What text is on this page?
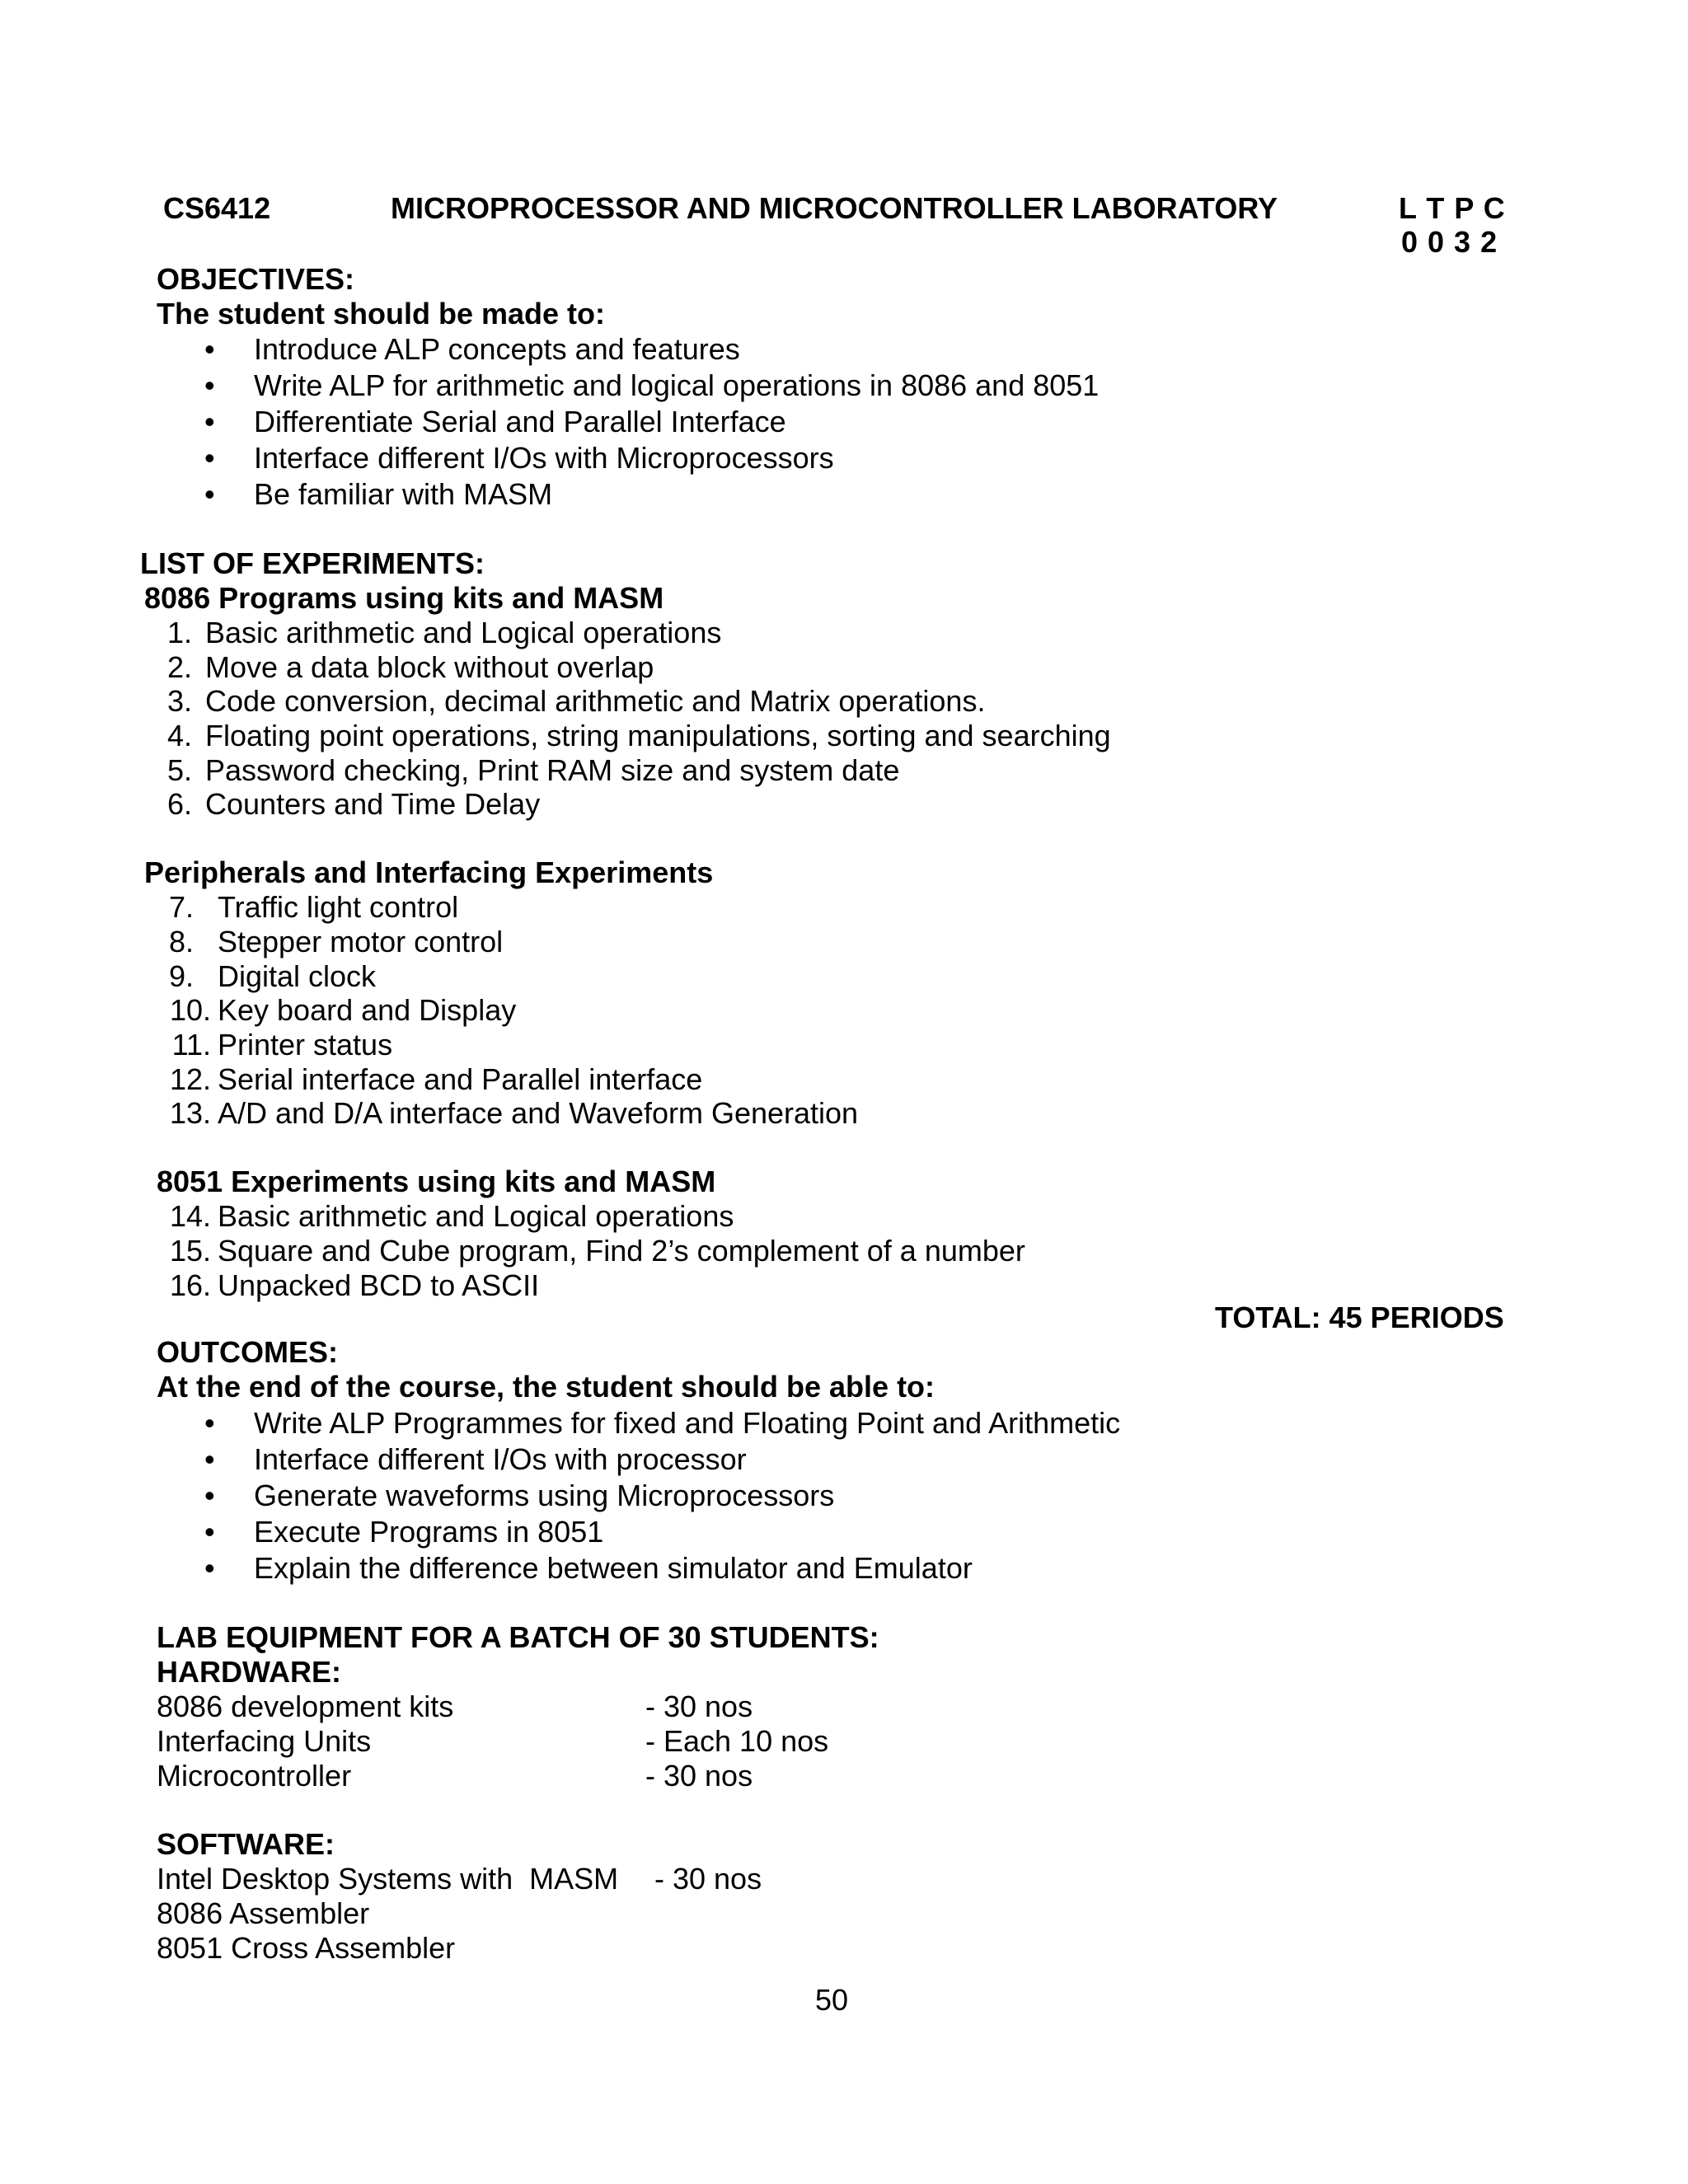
CS6412	MICROPROCESSOR AND MICROCONTROLLER LABORATORY	L T P C
0 0 3 2
OBJECTIVES:
The student should be made to:
• Introduce ALP concepts and features
• Write ALP for arithmetic and logical operations in 8086 and 8051
• Differentiate Serial and Parallel Interface
• Interface different I/Os with Microprocessors
• Be familiar with MASM
LIST OF EXPERIMENTS:
8086 Programs using kits and MASM
1. Basic arithmetic and Logical operations
2. Move a data block without overlap
3. Code conversion, decimal arithmetic and Matrix operations.
4. Floating point operations, string manipulations, sorting and searching
5. Password checking, Print RAM size and system date
6. Counters and Time Delay
Peripherals and Interfacing Experiments
7. Traffic light control
8. Stepper motor control
9. Digital clock
10. Key board and Display
11. Printer status
12. Serial interface and Parallel interface
13. A/D and D/A interface and Waveform Generation
8051 Experiments using kits and MASM
14. Basic arithmetic and Logical operations
15. Square and Cube program, Find 2’s complement of a number
16. Unpacked BCD to ASCII
TOTAL: 45 PERIODS
OUTCOMES:
At the end of the course, the student should be able to:
• Write ALP Programmes for fixed and Floating Point and Arithmetic
• Interface different I/Os with processor
• Generate waveforms using Microprocessors
• Execute Programs in 8051
• Explain the difference between simulator and Emulator
LAB EQUIPMENT FOR A BATCH OF 30 STUDENTS:
HARDWARE:
8086 development kits	- 30 nos
Interfacing Units	- Each 10 nos
Microcontroller	- 30 nos
SOFTWARE:
Intel Desktop Systems with  MASM - 30 nos
8086 Assembler
8051 Cross Assembler
50
